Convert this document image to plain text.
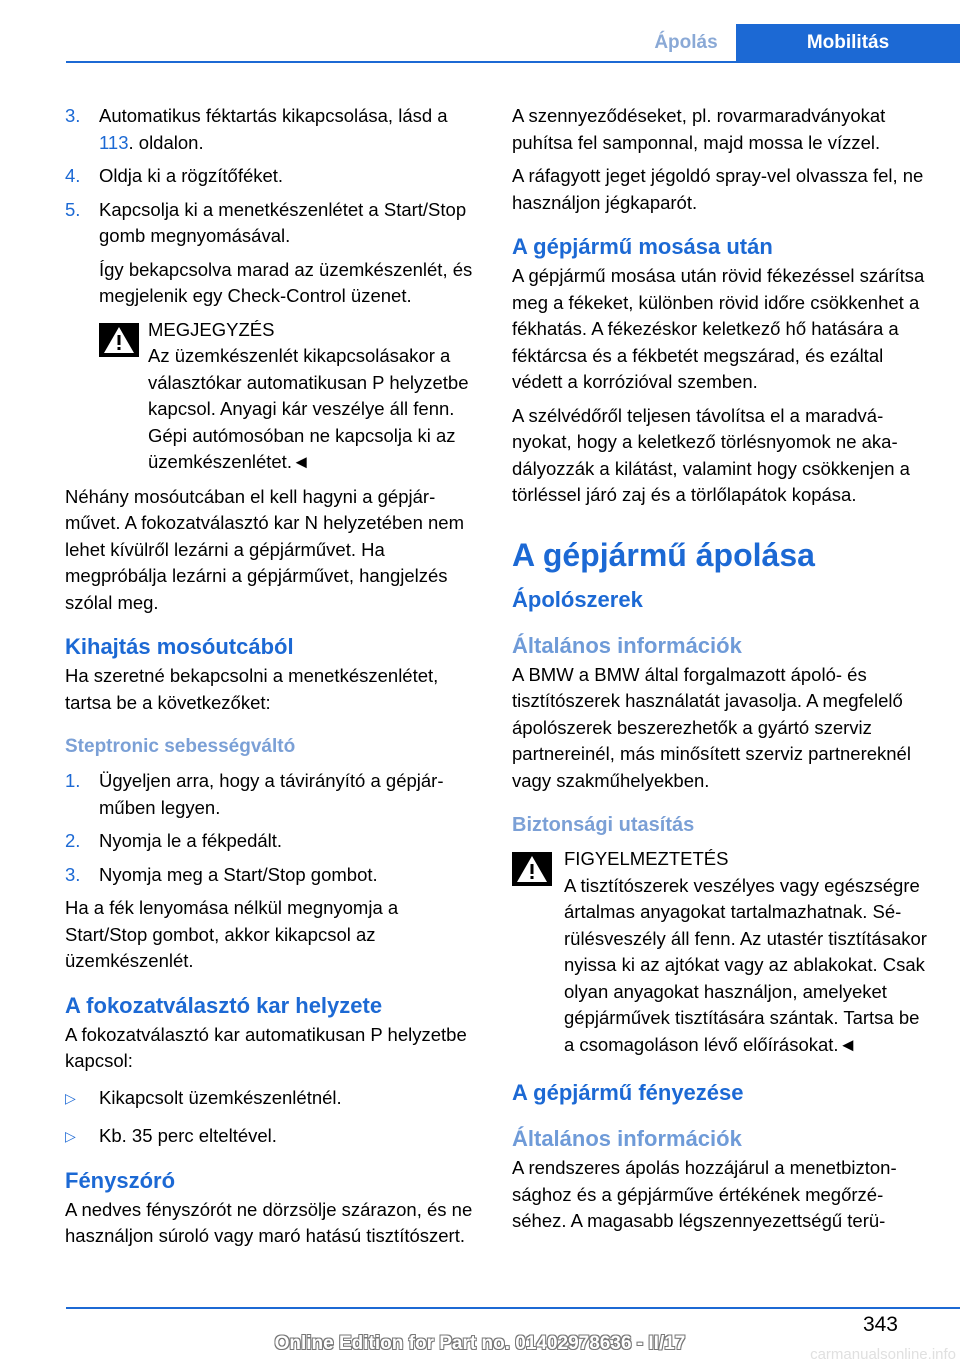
Ápolás	Mobilitás
3. Automatikus féktartás kikapcsolása, lásd a 113. oldalon.
4. Oldja ki a rögzítőféket.
5. Kapcsolja ki a menetkészenlétet a Start/Stop gomb megnyomásával.
Így bekapcsolva marad az üzemkészenlét, és megjelenik egy Check-Control üzenet.
MEGJEGYZÉS
Az üzemkészenlét kikapcsolásakor a választókar automatikusan P helyzetbe kapcsol. Anyagi kár veszélye áll fenn. Gépi autómosóban ne kapcsolja ki az üzemkészenlétet.◄

Néhány mosóutcában el kell hagyni a gépjárművet. A fokozatválasztó kar N helyzetében nem lehet kívülről lezárni a gépjárművet. Ha megpróbálja lezárni a gépjárművet, hangjelzés szólal meg.

Kihajtás mosóutcából

Ha szeretné bekapcsolni a menetkészenlétet, tartsa be a következőket:

Steptronic sebességváltó
1. Ügyeljen arra, hogy a távirányító a gépjárműben legyen.
2. Nyomja le a fékpedált.
3. Nyomja meg a Start/Stop gombot.

Ha a fék lenyomása nélkül megnyomja a Start/Stop gombot, akkor kikapcsol az üzemkészenlét.

A fokozatválasztó kar helyzete

A fokozatválasztó kar automatikusan P helyzetbe kapcsol:

▷ Kikapcsolt üzemkészenlétnél.
▷ Kb. 35 perc elteltével.
Fényszóró

A nedves fényszórót ne dörzsölje szárazon, és ne használjon súroló vagy maró hatású tisztítószert.

A szennyeződéseket, pl. rovarmaradványokat puhítsa fel samponnal, majd mossa le vízzel.

A ráfagyott jeget jégoldó spray-vel olvassza fel, ne használjon jégkaparót.

A gépjármű mosása után

A gépjármű mosása után rövid fékezéssel szárítsa meg a fékeket, különben rövid időre csökkenhet a fékhatás. A fékezéskor keletkező hő hatására a féktárcsa és a fékbetét megszárad, és ezáltal védett a korrózióval szemben.

A szélvédőről teljesen távolítsa el a maradványokat, hogy a keletkező törlésnyomok ne akadályozzák a kilátást, valamint hogy csökkenjen a törléssel járó zaj és a törlőlapátok kopása.

A gépjármű ápolása
Ápolószerek
Általános információk

A BMW a BMW által forgalmazott ápoló- és tisztítószerek használatát javasolja. A megfelelő ápolószerek beszerezhetők a gyártó szerviz partnereinél, más minősített szerviz partnereknél vagy szakműhelyekben.

Biztonsági utasítás
FIGYELMEZTETÉS
A tisztítószerek veszélyes vagy egészségre ártalmas anyagokat tartalmazhatnak. Sérülésveszély áll fenn. Az utastér tisztításakor nyissa ki az ajtókat vagy az ablakokat. Csak olyan anyagokat használjon, amelyeket gépjárművek tisztítására szántak. Tartsa be a csomagoláson lévő előírásokat.◄
A gépjármű fényezése
Általános információk

A rendszeres ápolás hozzájárul a menetbiztonsághoz és a gépjárműve értékének megőrzéséhez. A magasabb légszennyezettségű terü-

343
Online Edition for Part no. 01402978636 - II/17
carmanualsonline.info
